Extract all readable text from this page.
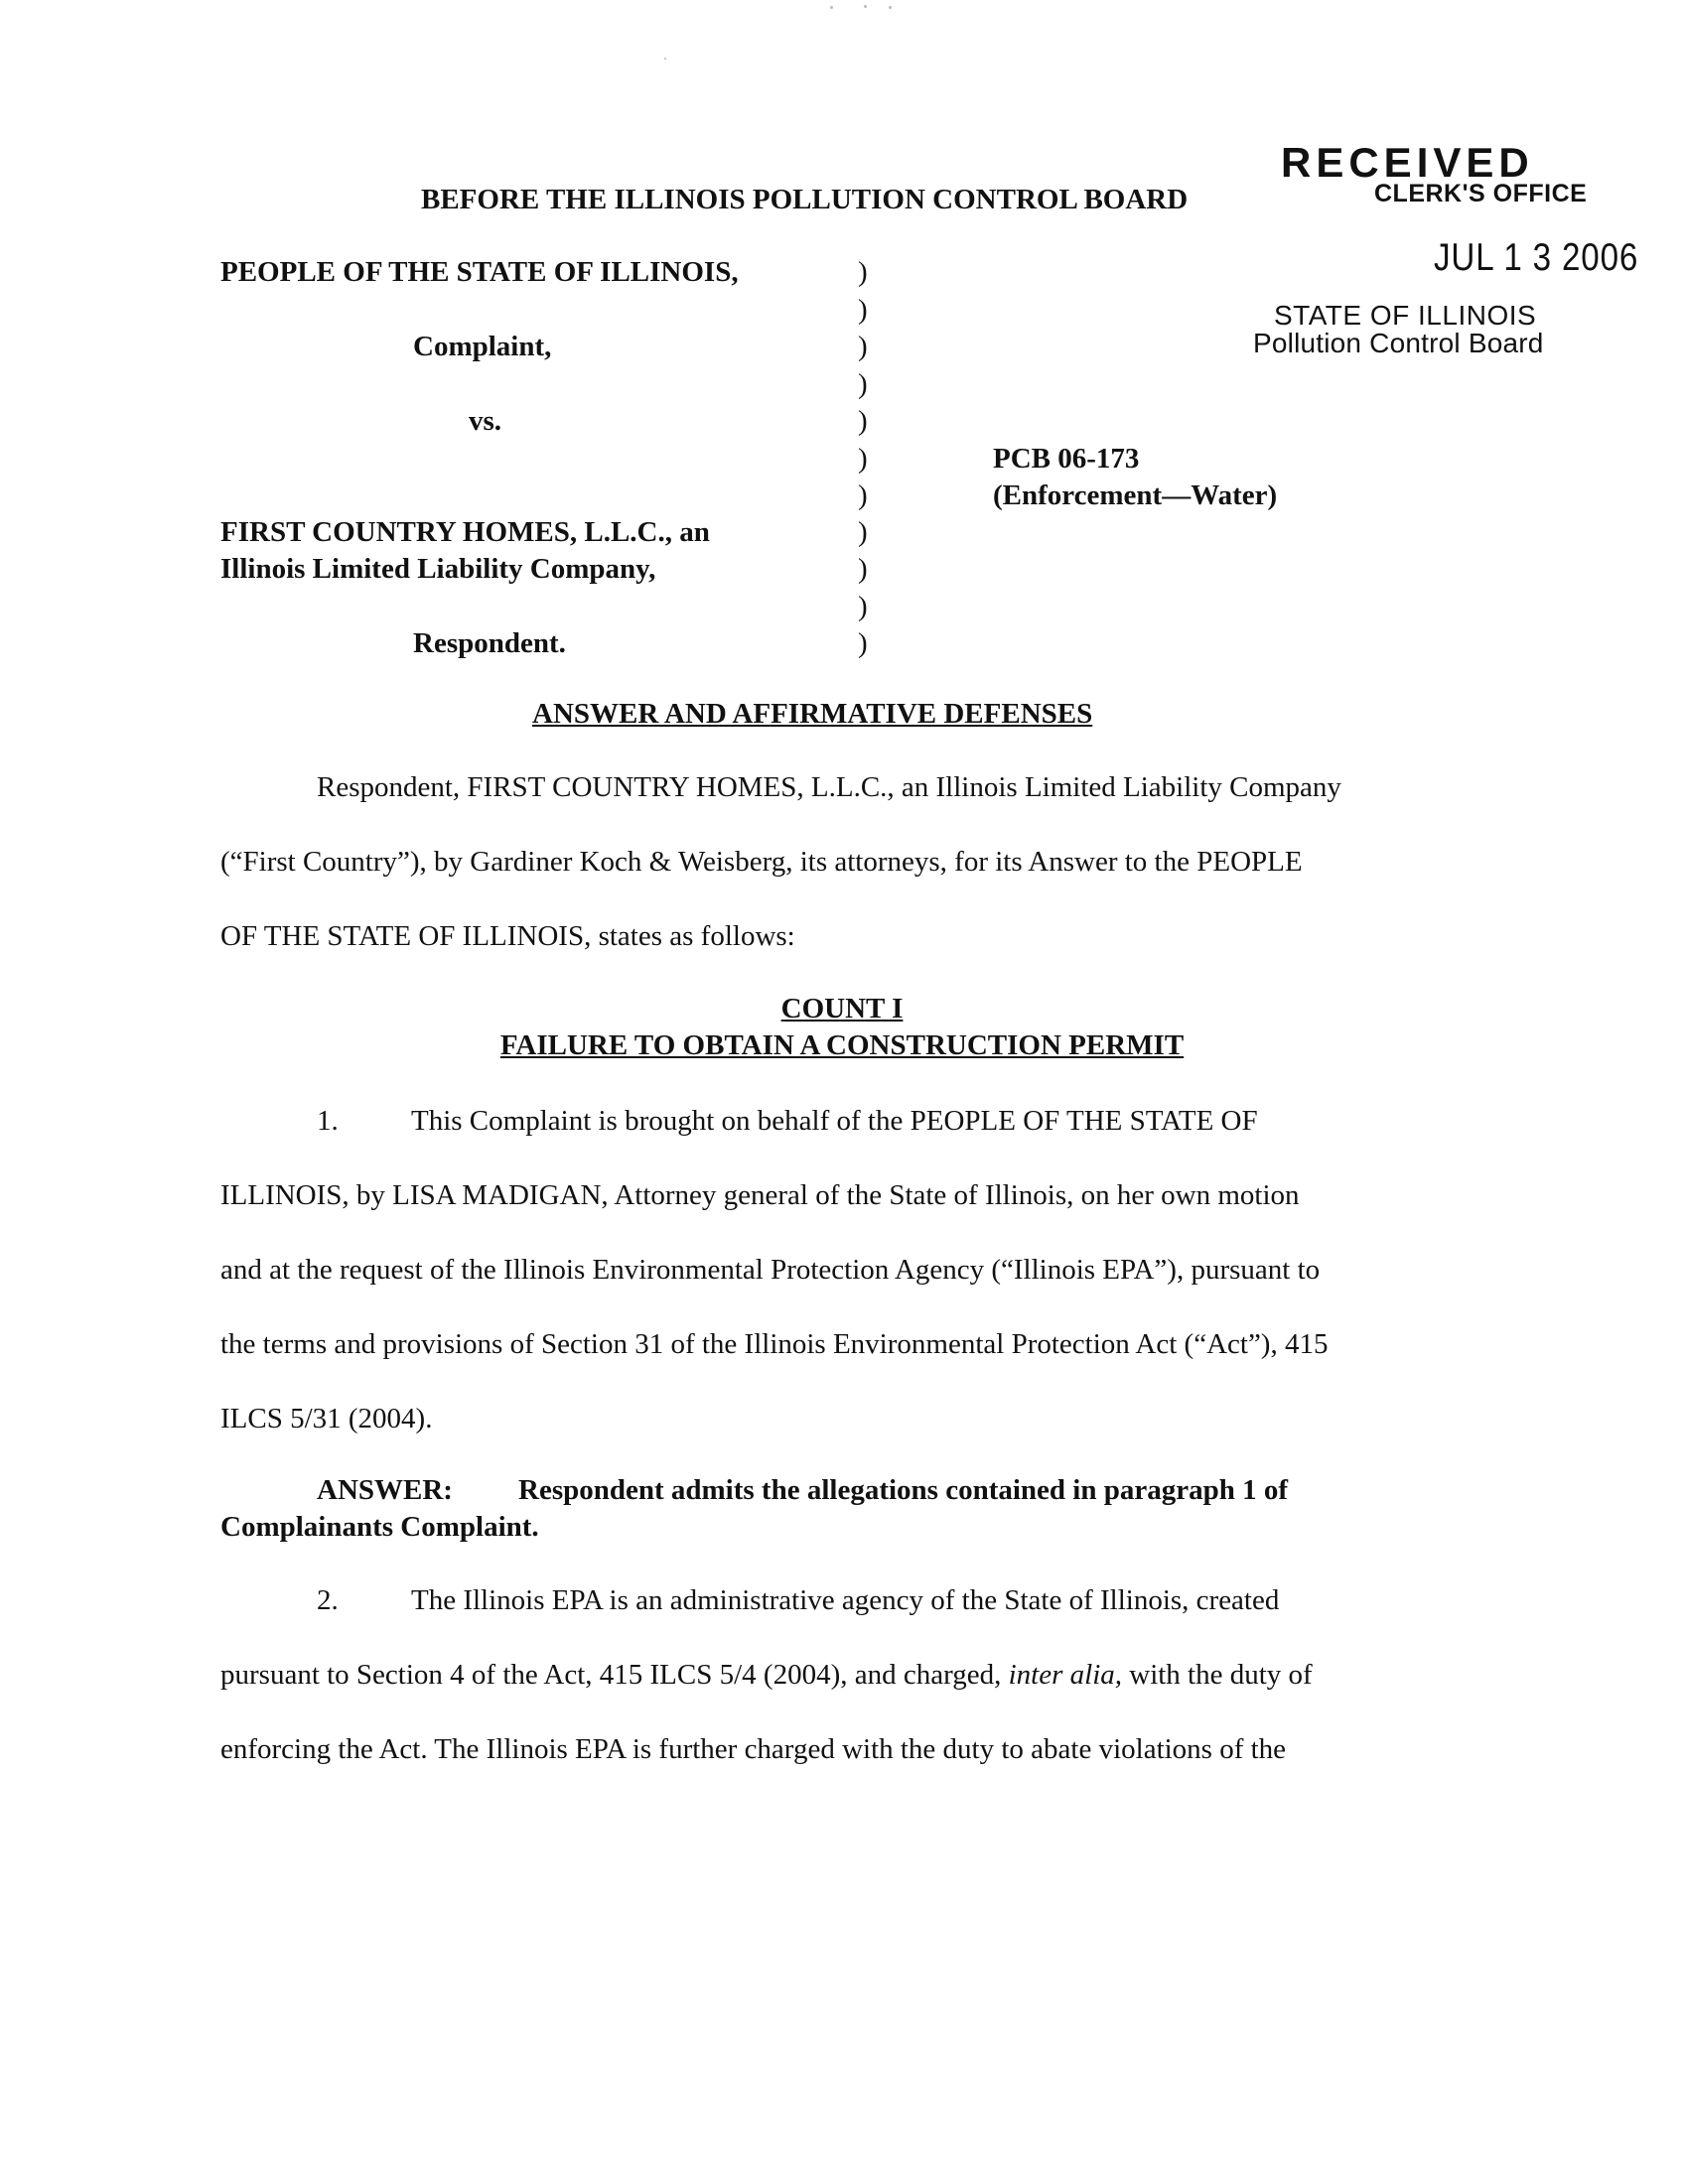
RECEIVED
CLERK'S OFFICE
JUL 1 3 2006
STATE OF ILLINOIS
Pollution Control Board
BEFORE THE ILLINOIS POLLUTION CONTROL BOARD
PEOPLE OF THE STATE OF ILLINOIS,
Complaint,
vs.
FIRST COUNTRY HOMES, L.L.C., an
Illinois Limited Liability Company,
Respondent.
)
)
)
)
)
)
)
)
)
)
)
PCB 06-173
(Enforcement—Water)
ANSWER AND AFFIRMATIVE DEFENSES
Respondent, FIRST COUNTRY HOMES, L.L.C., an Illinois Limited Liability Company
(“First Country”), by Gardiner Koch & Weisberg, its attorneys, for its Answer to the PEOPLE
OF THE STATE OF ILLINOIS, states as follows:
COUNT I
FAILURE TO OBTAIN A CONSTRUCTION PERMIT
1.	This Complaint is brought on behalf of the PEOPLE OF THE STATE OF
ILLINOIS, by LISA MADIGAN, Attorney general of the State of Illinois, on her own motion
and at the request of the Illinois Environmental Protection Agency (“Illinois EPA”), pursuant to
the terms and provisions of Section 31 of the Illinois Environmental Protection Act (“Act”), 415
ILCS 5/31 (2004).
ANSWER: Respondent admits the allegations contained in paragraph 1 of
Complainants Complaint.
2.	The Illinois EPA is an administrative agency of the State of Illinois, created
pursuant to Section 4 of the Act, 415 ILCS 5/4 (2004), and charged, inter alia, with the duty of
enforcing the Act. The Illinois EPA is further charged with the duty to abate violations of the
